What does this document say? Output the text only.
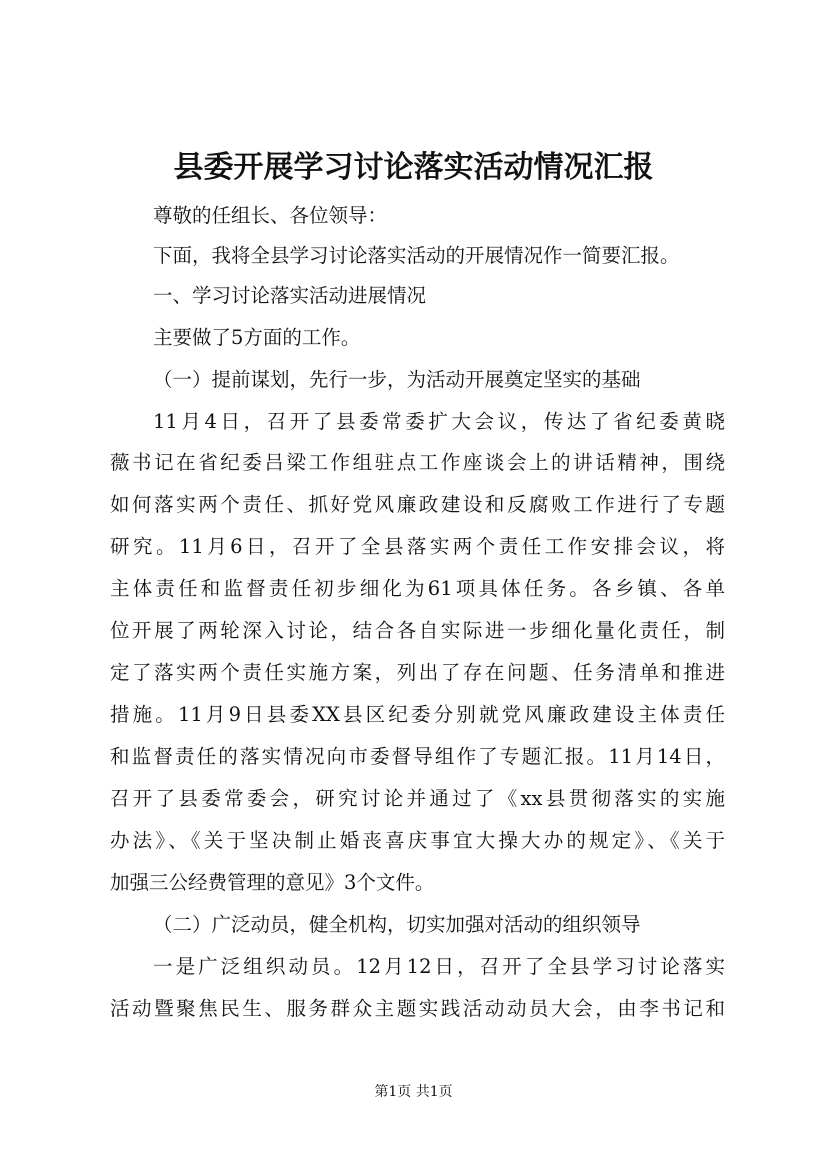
县委开展学习讨论落实活动情况汇报

尊敬的任组长、各位领导：

下面，我将全县学习讨论落实活动的开展情况作一简要汇报。

一、学习讨论落实活动进展情况

主要做了5方面的工作。

（一）提前谋划，先行一步，为活动开展奠定坚实的基础

11月4日，召开了县委常委扩大会议，传达了省纪委黄晓

薇书记在省纪委吕梁工作组驻点工作座谈会上的讲话精神，围绕

如何落实两个责任、抓好党风廉政建设和反腐败工作进行了专题

研究。11月6日，召开了全县落实两个责任工作安排会议，将

主体责任和监督责任初步细化为61项具体任务。各乡镇、各单

位开展了两轮深入讨论，结合各自实际进一步细化量化责任，制

定了落实两个责任实施方案，列出了存在问题、任务清单和推进

措施。11月9日县委XX县区纪委分别就党风廉政建设主体责任

和监督责任的落实情况向市委督导组作了专题汇报。11月14日，

召开了县委常委会，研究讨论并通过了《xx县贯彻落实的实施

办法》、《关于坚决制止婚丧喜庆事宜大操大办的规定》、《关于

加强三公经费管理的意见》3个文件。

（二）广泛动员，健全机构，切实加强对活动的组织领导

一是广泛组织动员。12月12日，召开了全县学习讨论落实

活动暨聚焦民生、服务群众主题实践活动动员大会，由李书记和

第1页 共1页
